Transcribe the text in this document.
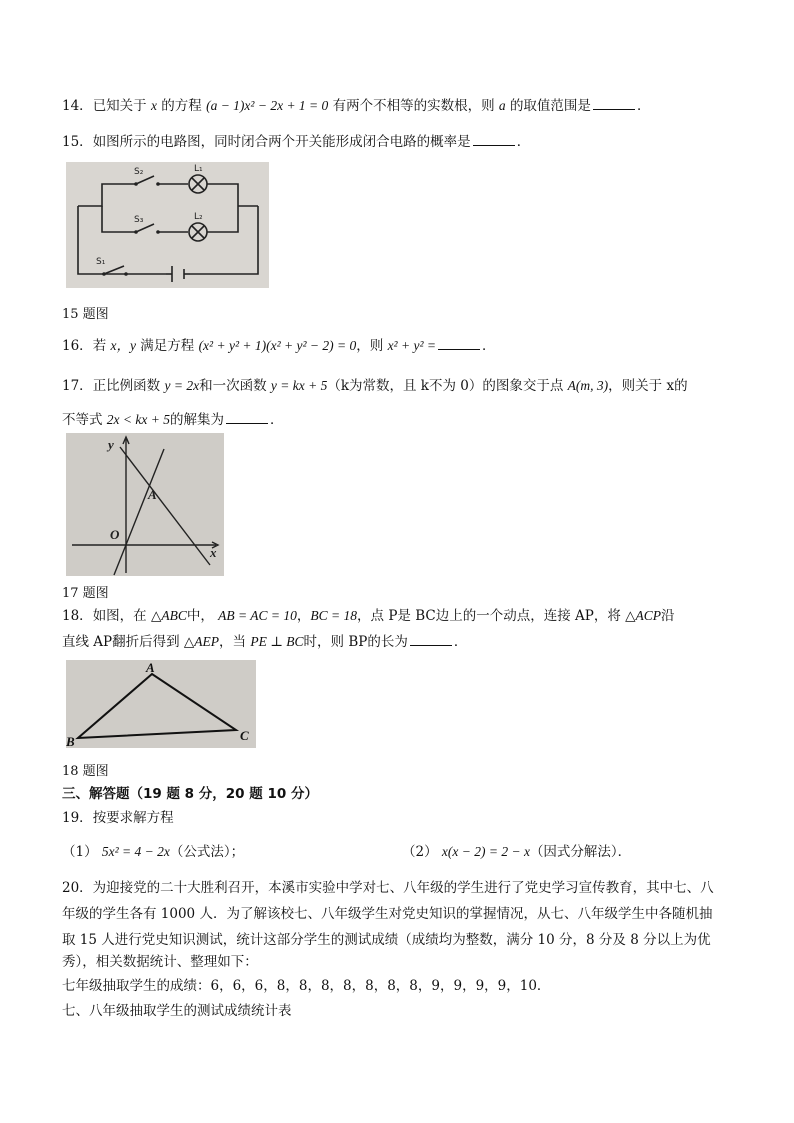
14．已知关于 x 的方程 (a − 1)x² − 2x + 1 = 0 有两个不相等的实数根，则 a 的取值范围是	．
15．如图所示的电路图，同时闭合两个开关能形成闭合电路的概率是	．
S₂
S₃
S₁
L₁
L₂
15 题图
16．若 x，y 满足方程 (x² + y² + 1)(x² + y² − 2) = 0，则 x² + y² =	．
17．正比例函数 y = 2x和一次函数 y = kx + 5（k为常数，且 k不为 0）的图象交于点 A(m, 3)，则关于 x的
不等式 2x < kx + 5的解集为	．
y
x
O
A
17 题图
18．如图，在 △ABC中， AB = AC = 10，BC = 18，点 P是 BC边上的一个动点，连接 AP，将 △ACP沿
直线 AP翻折后得到 △AEP，当 PE ⊥ BC时，则 BP的长为	．
A
B	C
18 题图
三、解答题（19 题 8 分，20 题 10 分）
19．按要求解方程
（1） 5x² = 4 − 2x（公式法）；	（2） x(x − 2) = 2 − x（因式分解法）．
20．为迎接党的二十大胜利召开，本溪市实验中学对七、八年级的学生进行了党史学习宣传教育，其中七、八
年级的学生各有 1000 人．为了解该校七、八年级学生对党史知识的掌握情况，从七、八年级学生中各随机抽
取 15 人进行党史知识测试，统计这部分学生的测试成绩（成绩均为整数，满分 10 分，8 分及 8 分以上为优
秀），相关数据统计、整理如下：
七年级抽取学生的成绩：6，6，6，8，8，8，8，8，8，8，9，9，9，9，10．
七、八年级抽取学生的测试成绩统计表
